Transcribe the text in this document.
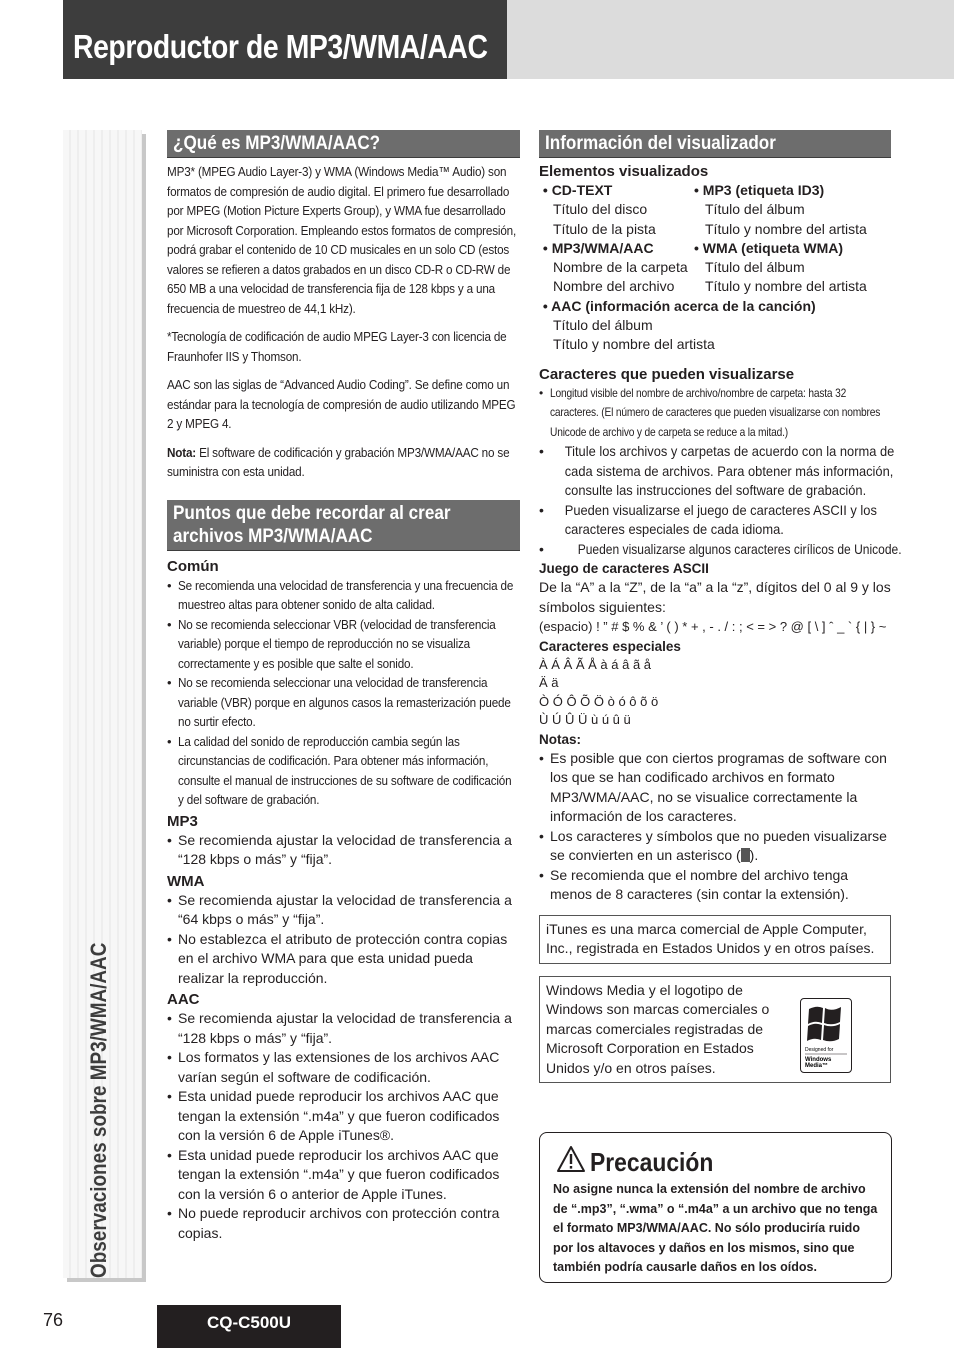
Reproductor de MP3/WMA/AAC
Observaciones sobre MP3/WMA/AAC
¿Qué es MP3/WMA/AAC?

MP3* (MPEG Audio Layer-3) y WMA (Windows Media™ Audio) son formatos de compresión de audio digital. El primero fue desarrollado por MPEG (Motion Picture Experts Group), y WMA fue desarrollado por Microsoft Corporation. Empleando estos formatos de compresión, podrá grabar el contenido de 10 CD musicales en un solo CD (estos valores se refieren a datos grabados en un disco CD-R o CD-RW de 650 MB a una velocidad de transferencia fija de 128 kbps y a una frecuencia de muestreo de 44,1 kHz).

*Tecnología de codificación de audio MPEG Layer-3 con licencia de Fraunhofer IIS y Thomson.

AAC son las siglas de “Advanced Audio Coding”. Se define como un estándar para la tecnología de compresión de audio utilizando MPEG 2 y MPEG 4.

Nota: El software de codificación y grabación MP3/WMA/AAC no se suministra con esta unidad.

Puntos que debe recordar al crear archivos MP3/WMA/AAC
Común
• Se recomienda una velocidad de transferencia y una frecuencia de muestreo altas para obtener sonido de alta calidad.
• No se recomienda seleccionar VBR (velocidad de transferencia variable) porque el tiempo de reproducción no se visualiza correctamente y es posible que salte el sonido.
• No se recomienda seleccionar una velocidad de transferencia variable (VBR) porque en algunos casos la remasterización puede no surtir efecto.
• La calidad del sonido de reproducción cambia según las circunstancias de codificación. Para obtener más información, consulte el manual de instrucciones de su software de codificación y del software de grabación.
MP3
• Se recomienda ajustar la velocidad de transferencia a “128 kbps o más” y “fija”.
WMA
• Se recomienda ajustar la velocidad de transferencia a “64 kbps o más” y “fija”.
• No establezca el atributo de protección contra copias en el archivo WMA para que esta unidad pueda realizar la reproducción.
AAC
• Se recomienda ajustar la velocidad de transferencia a “128 kbps o más” y “fija”.
• Los formatos y las extensiones de los archivos AAC varían según el software de codificación.
• Esta unidad puede reproducir los archivos AAC que tengan la extensión “.m4a” y que fueron codificados con la versión 6 de Apple iTunes®.
• Esta unidad puede reproducir los archivos AAC que tengan la extensión “.m4a” y que fueron codificados con la versión 6 o anterior de Apple iTunes.
• No puede reproducir archivos con protección contra copias.
Información del visualizador
Elementos visualizados
• CD-TEXT
Título del disco
Título de la pista
• MP3/WMA/AAC
Nombre de la carpeta
Nombre del archivo
• MP3 (etiqueta ID3)
Título del álbum
Título y nombre del artista
• WMA (etiqueta WMA)
Título del álbum
Título y nombre del artista
• AAC (información acerca de la canción)
Título del álbum
Título y nombre del artista
Caracteres que pueden visualizarse
• Longitud visible del nombre de archivo/nombre de carpeta: hasta 32 caracteres. (El número de caracteres que pueden visualizarse con nombres Unicode de archivo y de carpeta se reduce a la mitad.)
• Titule los archivos y carpetas de acuerdo con la norma de cada sistema de archivos. Para obtener más información, consulte las instrucciones del software de grabación.
• Pueden visualizarse el juego de caracteres ASCII y los caracteres especiales de cada idioma.
• Pueden visualizarse algunos caracteres cirílicos de Unicode.
Juego de caracteres ASCII
De la “A” a la “Z”, de la “a” a la “z”, dígitos del 0 al 9 y los símbolos siguientes:
(espacio) ! ” # $ % & ’ ( ) * + , - . / : ; < = > ? @ [ \ ] ˆ _ ` { | } ~
Caracteres especiales
À Á Â Ã Å à á â ã å
Ä ä
Ò Ó Ô Õ Ö ò ó ô õ ö
Ù Ú Û Ü ù ú û ü
Notas:
• Es posible que con ciertos programas de software con los que se han codificado archivos en formato MP3/WMA/AAC, no se visualice correctamente la información de los caracteres.
• Los caracteres y símbolos que no pueden visualizarse se convierten en un asterisco ( ).
• Se recomienda que el nombre del archivo tenga menos de 8 caracteres (sin contar la extensión).
iTunes es una marca comercial de Apple Computer, Inc., registrada en Estados Unidos y en otros países.
Windows Media y el logotipo de Windows son marcas comerciales o marcas comerciales registradas de Microsoft Corporation en Estados Unidos y/o en otros países.
Designed for
Windows
Media™
Precaución
No asigne nunca la extensión del nombre de archivo de “.mp3”, “.wma” o “.m4a” a un archivo que no tenga el formato MP3/WMA/AAC. No sólo produciría ruido por los altavoces y daños en los mismos, sino que también podría causarle daños en los oídos.
76	CQ-C500U
